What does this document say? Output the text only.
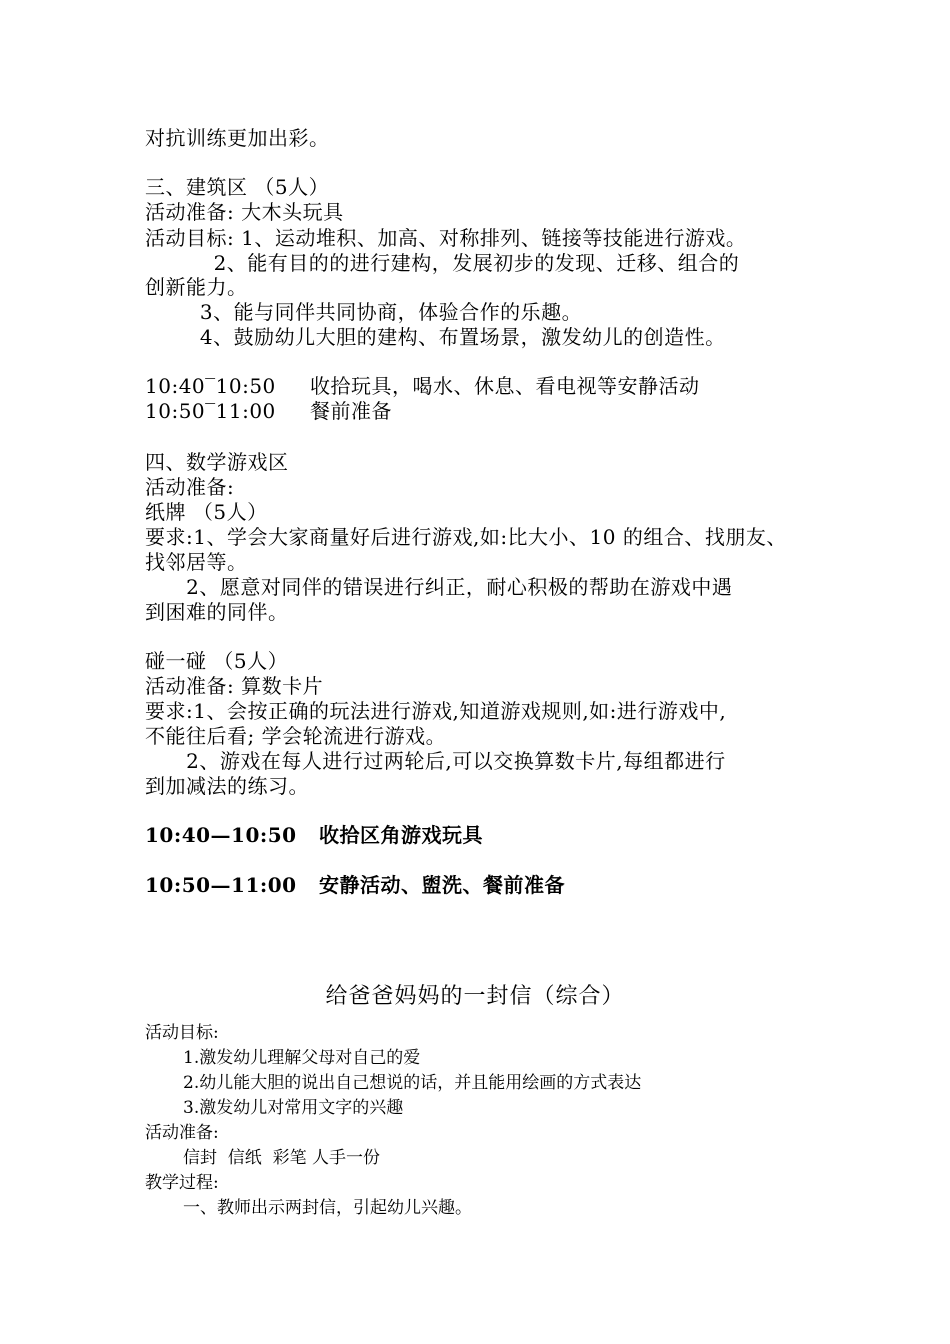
对抗训练更加出彩。
三、建筑区 （5人）
活动准备: 大木头玩具
活动目标: 1、运动堆积、加高、对称排列、链接等技能进行游戏。
2、能有目的的进行建构，发展初步的发现、迁移、组合的
创新能力。
3、能与同伴共同协商，体验合作的乐趣。
4、鼓励幼儿大胆的建构、布置场景，激发幼儿的创造性。
10:40‾10:50     收拾玩具，喝水、休息、看电视等安静活动
10:50‾11:00     餐前准备
四、数学游戏区
活动准备:
纸牌 （5人）
要求:1、学会大家商量好后进行游戏,如:比大小、10 的组合、找朋友、
找邻居等。
2、愿意对同伴的错误进行纠正，耐心积极的帮助在游戏中遇
到困难的同伴。
碰一碰 （5人）
活动准备: 算数卡片
要求:1、会按正确的玩法进行游戏,知道游戏规则,如:进行游戏中,
不能往后看; 学会轮流进行游戏。
2、游戏在每人进行过两轮后,可以交换算数卡片,每组都进行
到加减法的练习。
10:40—10:50   收拾区角游戏玩具
10:50—11:00   安静活动、盥洗、餐前准备
给爸爸妈妈的一封信（综合）
活动目标:
1.激发幼儿理解父母对自己的爱
2.幼儿能大胆的说出自己想说的话，并且能用绘画的方式表达
3.激发幼儿对常用文字的兴趣
活动准备:
信封  信纸  彩笔 人手一份
教学过程:
一、教师出示两封信，引起幼儿兴趣。
